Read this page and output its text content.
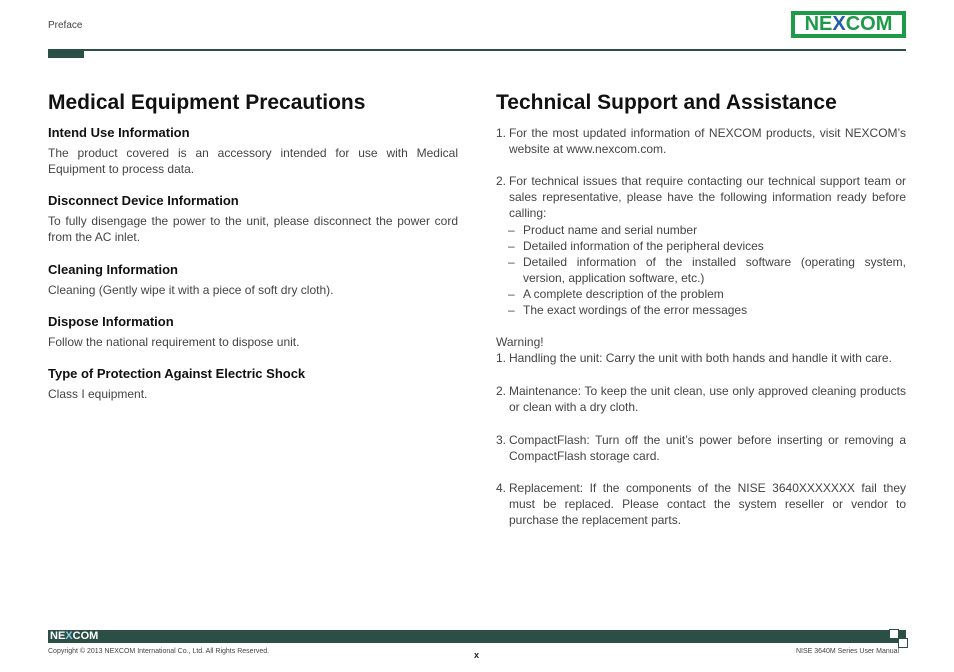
Preface	NE X COM
Medical Equipment Precautions
Intend Use Information

The product covered is an accessory intended for use with Medical Equipment to process data.

Disconnect Device Information

To fully disengage the power to the unit, please disconnect the power cord from the AC inlet.

Cleaning Information

Cleaning (Gently wipe it with a piece of soft dry cloth).

Dispose Information

Follow the national requirement to dispose unit.

Type of Protection Against Electric Shock

Class I equipment.

Technical Support and Assistance
1. For the most updated information of NEXCOM products, visit NEXCOM’s website at www.nexcom.com.
2. For technical issues that require contacting our technical support team or sales representative, please have the following information ready before calling:
– Product name and serial number
– Detailed information of the peripheral devices
– Detailed information of the installed software (operating system, version, application software, etc.)
– A complete description of the problem
– The exact wordings of the error messages
Warning!
1. Handling the unit: Carry the unit with both hands and handle it with care.
2. Maintenance: To keep the unit clean, use only approved cleaning products or clean with a dry cloth.
3. CompactFlash: Turn off the unit’s power before inserting or removing a CompactFlash storage card.
4. Replacement: If the components of the NISE 3640XXXXXXX fail they must be replaced. Please contact the system reseller or vendor to purchase the replacement parts.
NEXCOM
Copyright © 2013 NEXCOM International Co., Ltd. All Rights Reserved.	x	NISE 3640M Series User Manual
